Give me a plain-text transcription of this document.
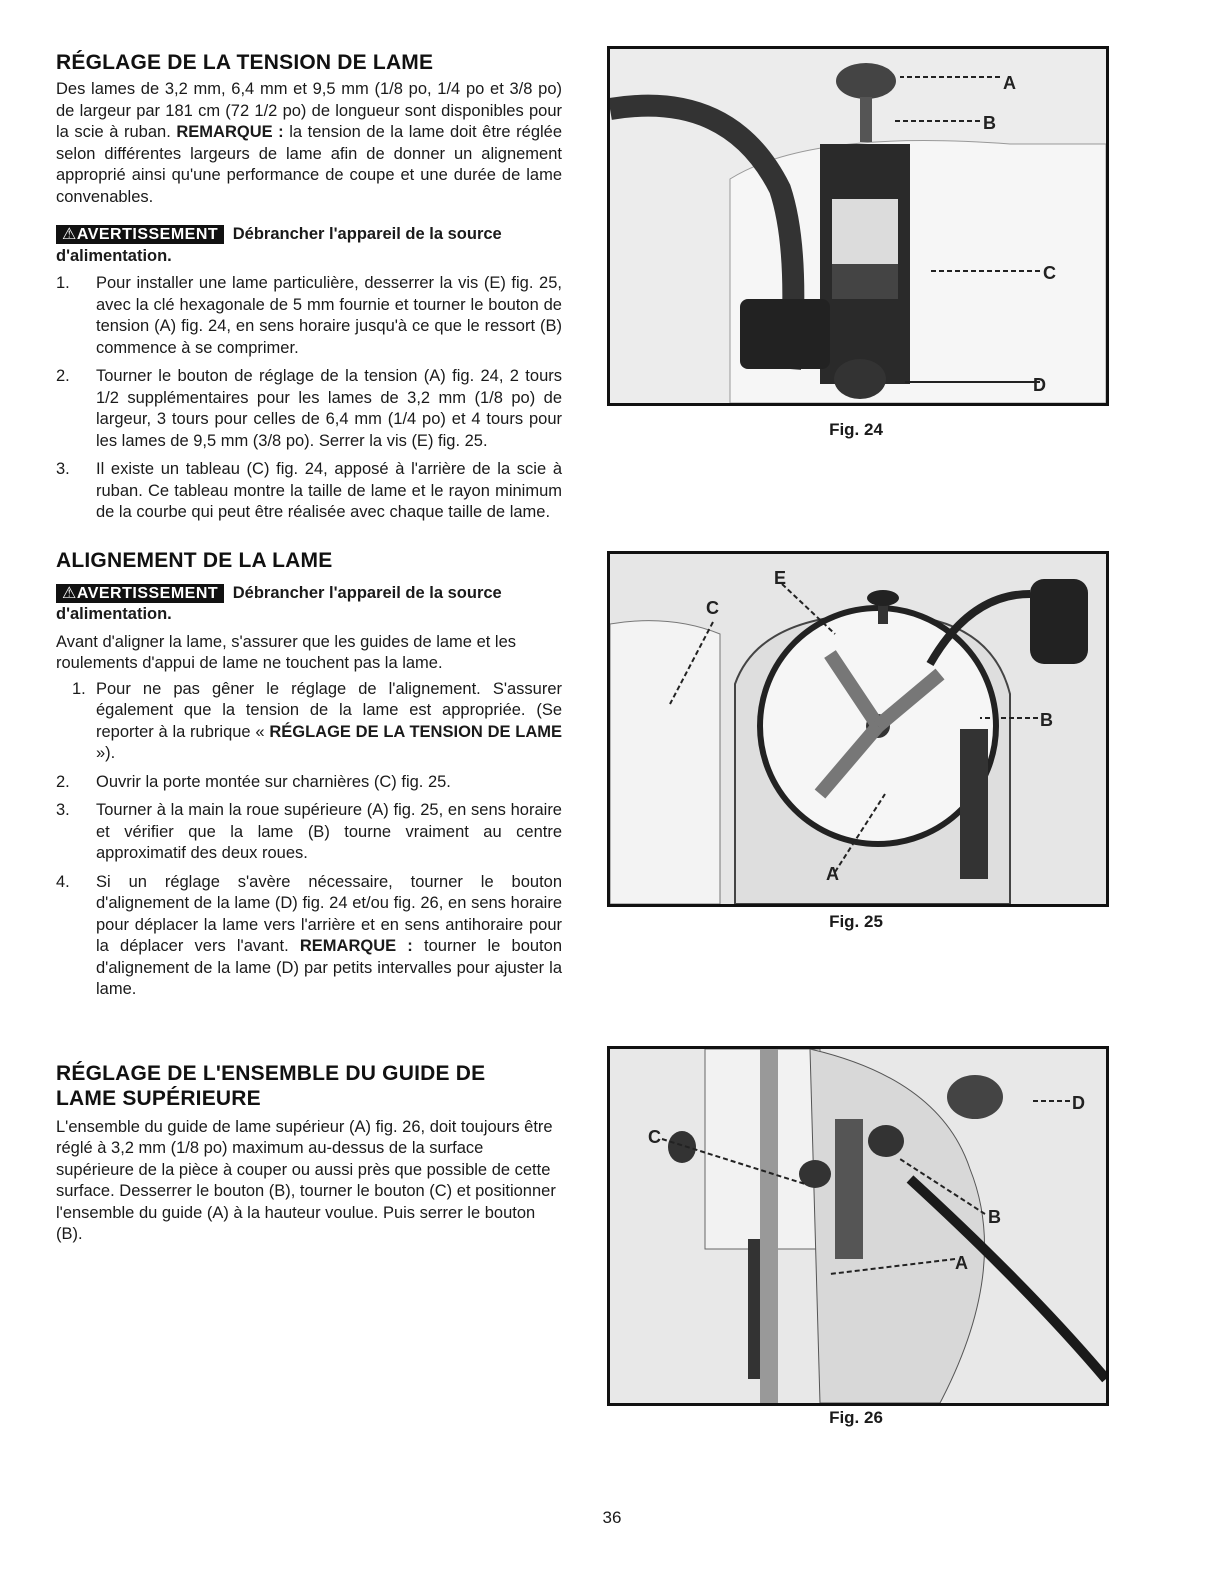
RÉGLAGE DE LA TENSION DE LAME

Des lames de 3,2 mm, 6,4 mm et 9,5 mm (1/8 po, 1/4 po et 3/8 po) de largeur par 181 cm (72 1/2 po) de longueur sont disponibles pour la scie à ruban. REMARQUE : la tension de la lame doit être réglée selon différentes largeurs de lame afin de donner un alignement approprié ainsi qu'une performance de coupe et une durée de lame convenables.

⚠AVERTISSEMENT Débrancher l'appareil de la source d'alimentation.
1. Pour installer une lame particulière, desserrer la vis (E) fig. 25, avec la clé hexagonale de 5 mm fournie et tourner le bouton de tension (A) fig. 24, en sens horaire jusqu'à ce que le ressort (B) commence à se comprimer.
2. Tourner le bouton de réglage de la tension (A) fig. 24, 2 tours 1/2 supplémentaires pour les lames de 3,2 mm (1/8 po) de largeur, 3 tours pour celles de 6,4 mm (1/4 po) et 4 tours pour les lames de 9,5 mm (3/8 po). Serrer la vis (E) fig. 25.
3. Il existe un tableau (C) fig. 24, apposé à l'arrière de la scie à ruban. Ce tableau montre la taille de lame et le rayon minimum de la courbe qui peut être réalisée avec chaque taille de lame.
ALIGNEMENT DE LA LAME
⚠AVERTISSEMENT Débrancher l'appareil de la source d'alimentation.

Avant d'aligner la lame, s'assurer que les guides de lame et les roulements d'appui de lame ne touchent pas la lame.

1. Pour ne pas gêner le réglage de l'alignement. S'assurer également que la tension de la lame est appropriée. (Se reporter à la rubrique « RÉGLAGE DE LA TENSION DE LAME »).
2. Ouvrir la porte montée sur charnières (C) fig. 25.
3. Tourner à la main la roue supérieure (A) fig. 25, en sens horaire et vérifier que la lame (B) tourne vraiment au centre approximatif des deux roues.
4. Si un réglage s'avère nécessaire, tourner le bouton d'alignement de la lame (D) fig. 24 et/ou fig. 26, en sens horaire pour déplacer la lame vers l'arrière et en sens antihoraire pour la déplacer vers l'avant. REMARQUE : tourner le bouton d'alignement de la lame (D) par petits intervalles pour ajuster la lame.
RÉGLAGE DE L'ENSEMBLE DU GUIDE DE
LAME SUPÉRIEURE

L'ensemble du guide de lame supérieur (A) fig. 26, doit toujours être réglé à 3,2 mm (1/8 po) maximum au-dessus de la surface supérieure de la pièce à couper ou aussi près que possible de cette surface. Desserrer le bouton (B), tourner le bouton (C) et positionner l'ensemble du guide (A) à la hauteur voulue. Puis serrer le bouton (B).

A
B
C
D
Fig. 24
E
C
B
A
Fig. 25
D
C
B
A
Fig. 26
36
